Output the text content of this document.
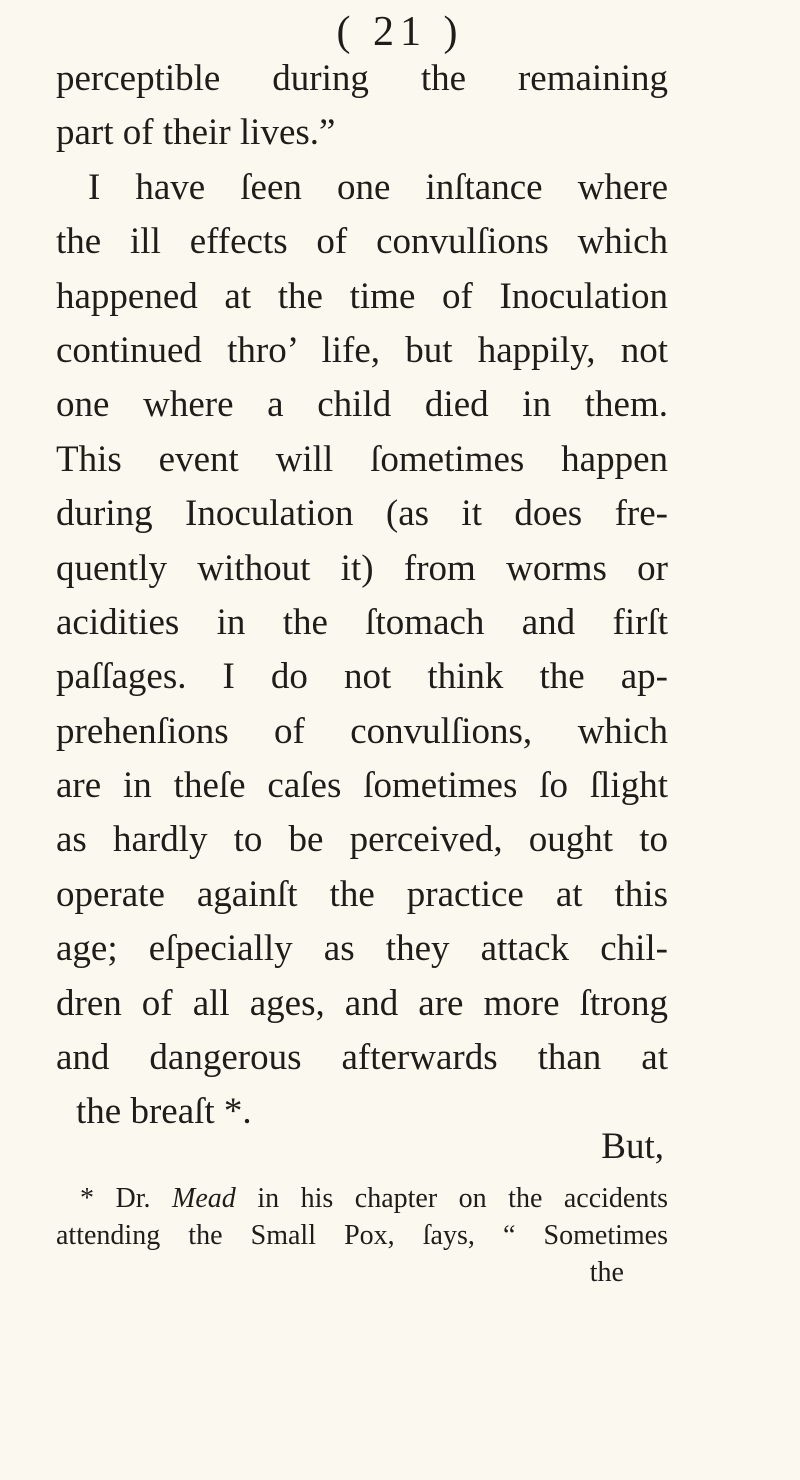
( 21 )
perceptible during the remaining
part of their lives.”
I have ſeen one inſtance where
the ill effects of convulſions which
happened at the time of Inoculation
continued thro’ life, but happily, not
one where a child died in them.
This event will ſometimes happen
during Inoculation (as it does fre-
quently without it) from worms or
acidities in the ſtomach and firſt
paſſages. I do not think the ap-
prehenſions of convulſions, which
are in theſe caſes ſometimes ſo ſlight
as hardly to be perceived, ought to
operate againſt the practice at this
age; eſpecially as they attack chil-
dren of all ages, and are more ſtrong
and dangerous afterwards than at
the breaſt *.
But,
* Dr. Mead in his chapter on the accidents
attending the Small Pox, ſays, “ Sometimes
the
